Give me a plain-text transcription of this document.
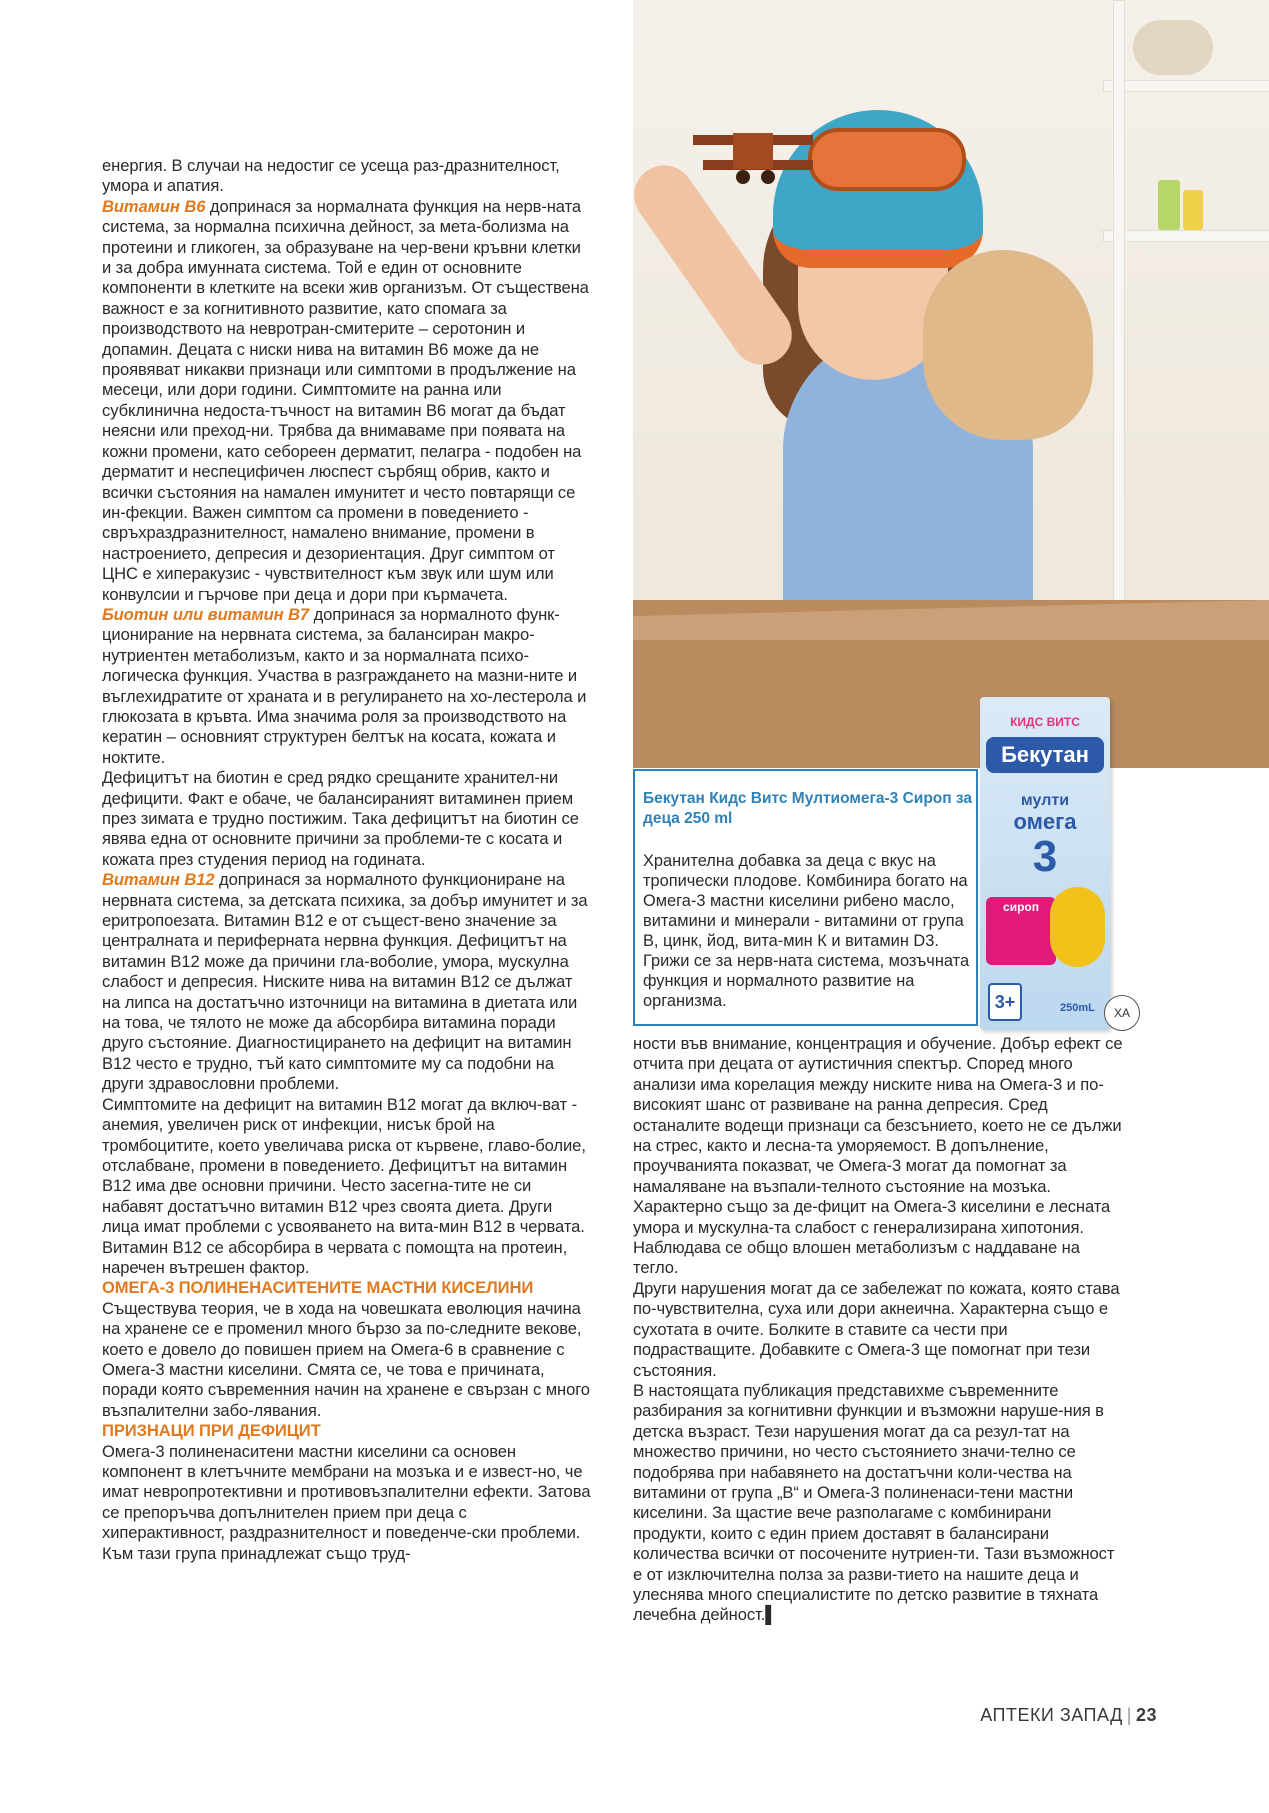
енергия. В случаи на недостиг се усеща раз-дразнителност, умора и апатия.

Витамин В6 допринася за нормалната функция на нерв-ната система, за нормална психична дейност, за мета-болизма на протеини и гликоген, за образуване на чер-вени кръвни клетки и за добра имунната система. Той е един от основните компоненти в клетките на всеки жив организъм. От съществена важност е за когнитивното развитие, като спомага за производството на невротран-смитерите – серотонин и допамин. Децата с ниски нива на витамин В6 може да не проявяват никакви признаци или симптоми в продължение на месеци, или дори години. Симптомите на ранна или субклинична недоста-тъчност на витамин В6 могат да бъдат неясни или преход-ни. Трябва да внимаваме при появата на кожни промени, като себорeен дерматит, пелагра - подобен на дерматит и неспецифичен люспест сърбящ обрив, както и всички състояния на намален имунитет и често повтарящи се ин-фекции. Важен симптом са промени в поведението - свръхраздразнителност, намалено внимание, промени в настроението, депресия и дезориентация. Друг симптом от ЦНС е хиперакузис - чувствителност към звук или шум или конвулсии и гърчове при деца и дори при кърмачета.

Биотин или витамин В7 допринася за нормалното функ-ционирание на нервната система, за балансиран макро-нутриентен метаболизъм, както и за нормалната психо-логическа функция. Участва в разграждането на мазни-ните и въглехидратите от храната и в регулирането на хо-лестерола и глюкозата в кръвта. Има значима роля за производството на кератин – основният структурен белтък на косата, кожата и ноктите.

Дефицитът на биотин е сред рядко срещаните хранител-ни дефицити. Факт е обаче, че балансираният витаминен прием през зимата е трудно постижим. Така дефицитът на биотин се явява една от основните причини за проблеми-те с косата и кожата през студения период на годината.

Витамин В12 допринася за нормалното функциониране на нервната система, за детската психика, за добър имунитет и за еритропоезата. Витамин В12 е от същест-вено значение за централната и периферната нервна функция. Дефицитът на витамин В12 може да причини гла-воболие, умора, мускулна слабост и депресия. Ниските нива на витамин В12 се дължат на липса на достатъчно източници на витамина в диетата или на това, че тялото не може да абсорбира витамина поради друго състояние. Диагностицирането на дефицит на витамин В12 често е трудно, тъй като симптомите му са подобни на други здравословни проблеми.

Симптомите на дефицит на витамин В12 могат да включ-ват - анемия, увеличен риск от инфекции, нисък брой на тромбоцитите, което увеличава риска от кървене, главо-болие, отслабване, промени в поведението. Дефицитът на витамин В12 има две основни причини. Често засегна-тите не си набавят достатъчно витамин В12 чрез своята диета. Други лица имат проблеми с усвояването на вита-мин В12 в червата. Витамин В12 се абсорбира в червата с помощта на протеин, наречен вътрешен фактор.

ОМЕГА-3 ПОЛИНЕНАСИТЕНИТЕ МАСТНИ КИСЕЛИНИ

Съществува теория, че в хода на човешката еволюция начина на хранене се е променил много бързо за по-следните векове, което е довело до повишен прием на Омега-6 в сравнение с Омега-3 мастни киселини. Смята се, че това е причината, поради която съвременния начин на хранене е свързан с много възпалителни забо-лявания.

ПРИЗНАЦИ ПРИ ДЕФИЦИТ

Омега-3 полиненаситени мастни киселини са основен компонент в клетъчните мембрани на мозъка и е извест-но, че имат невропротективни и противовъзпалителни ефекти. Затова се препоръчва допълнителен прием при деца с хиперактивност, раздразнителност и поведенче-ски проблеми. Към тази група принадлежат също труд-

Бекутан Кидс Витс Мултиомега-3 Сироп за деца 250 ml
Хранителна добавка за деца с вкус на тропически плодове. Комбинира богато на Омега-3 мастни киселини рибено масло, витамини и минерали - витамини от група В, цинк, йод, вита-мин К и витамин D3. Грижи се за нерв-ната система, мозъчната функция и нормалното развитие на организма.
КИДС ВИТС
Бекутан
мулти
омега
3
сироп
3+	250mL	ХА

ности във внимание, концентрация и обучение. Добър ефект се отчита при децата от аутистичния спектър. Според много анализи има корелация между ниските нива на Омега-3 и по-високият шанс от развиване на ранна депресия. Сред останалите водещи признаци са безсънието, което не се дължи на стрес, както и лесна-та уморяемост. В допълнение, проучванията показват, че Омега-3 могат да помогнат за намаляване на възпали-телното състояние на мозъка. Характерно също за де-фицит на Омега-3 киселини е лесната умора и мускулна-та слабост с генерализирана хипотония. Наблюдава се общо влошен метаболизъм с наддаване на тегло.

Други нарушения могат да се забележат по кожата, която става по-чувствителна, суха или дори акнеична. Характерна също е сухотата в очите. Болките в ставите са чести при подрастващите. Добавките с Омега-3 ще помогнат при тези състояния.

В настоящата публикация представихме съвременните разбирания за когнитивни функции и възможни наруше-ния в детска възраст. Тези нарушения могат да са резул-тат на множество причини, но често състоянието значи-телно се подобрява при набавянето на достатъчни коли-чества на витамини от група „В“ и Омега-3 полиненаси-тени мастни киселини. За щастие вече разполагаме с комбинирани продукти, които с един прием доставят в балансирани количества всички от посочените нутриен-ти. Тази възможност е от изключителна полза за разви-тието на нашите деца и улеснява много специалистите по детско развитие в тяхната лечебна дейност.▌

АПТЕКИ ЗАПАД | 23
